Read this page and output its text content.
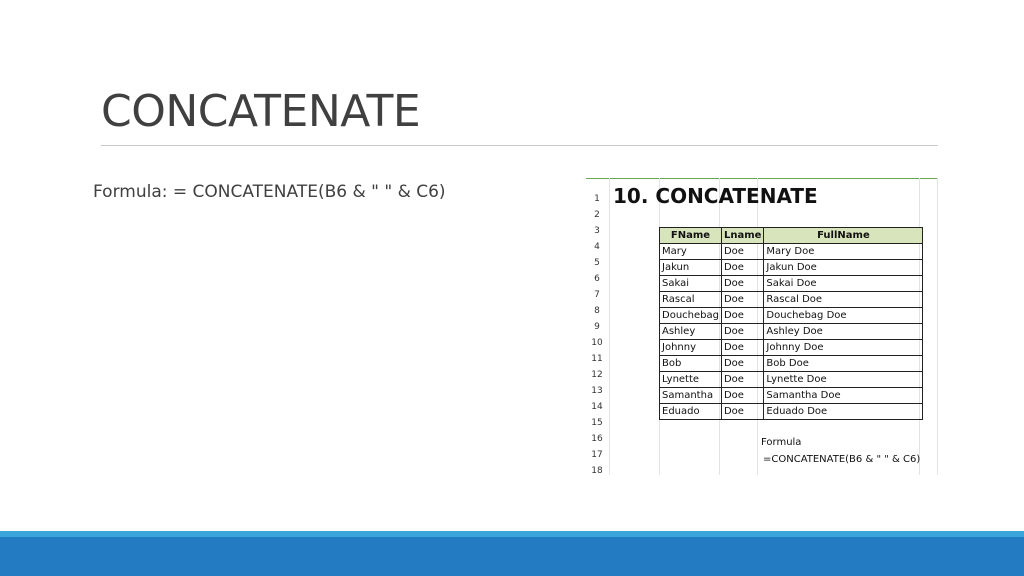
CONCATENATE
Formula: = CONCATENATE(B6 & " " & C6)	1
2
3
4
5
6
7
8
9
10
11
12
13
14
15
16
17
18
10. CONCATENATE
FName	Lname	FullName
Mary	Doe	Mary Doe
Jakun	Doe	Jakun Doe
Sakai	Doe	Sakai Doe
Rascal	Doe	Rascal Doe
Douchebag	Doe	Douchebag Doe
Ashley	Doe	Ashley Doe
Johnny	Doe	Johnny Doe
Bob	Doe	Bob Doe
Lynette	Doe	Lynette Doe
Samantha	Doe	Samantha Doe
Eduado	Doe	Eduado Doe
Formula
=CONCATENATE(B6 & " " & C6)
